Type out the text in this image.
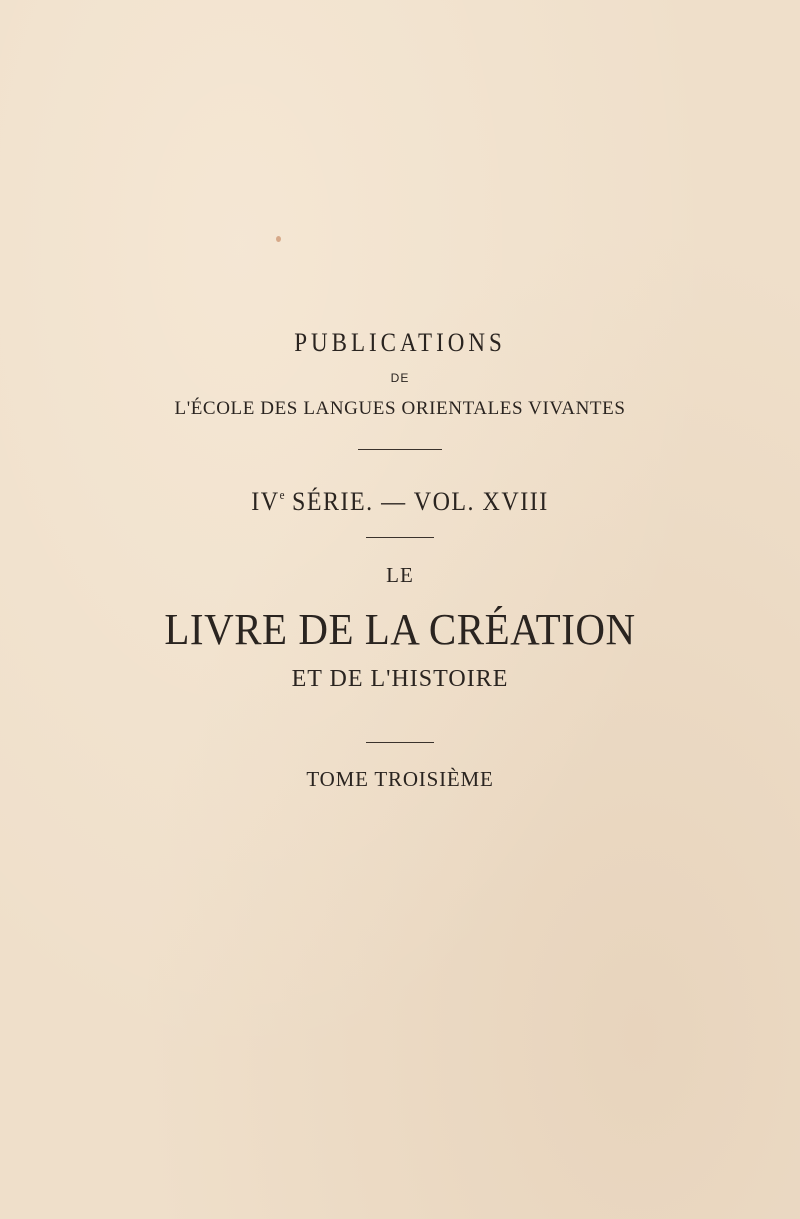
PUBLICATIONS
DE
L'ÉCOLE DES LANGUES ORIENTALES VIVANTES
IVe SÉRIE. — VOL. XVIII
LE
LIVRE DE LA CRÉATION
ET DE L'HISTOIRE
TOME TROISIÈME
